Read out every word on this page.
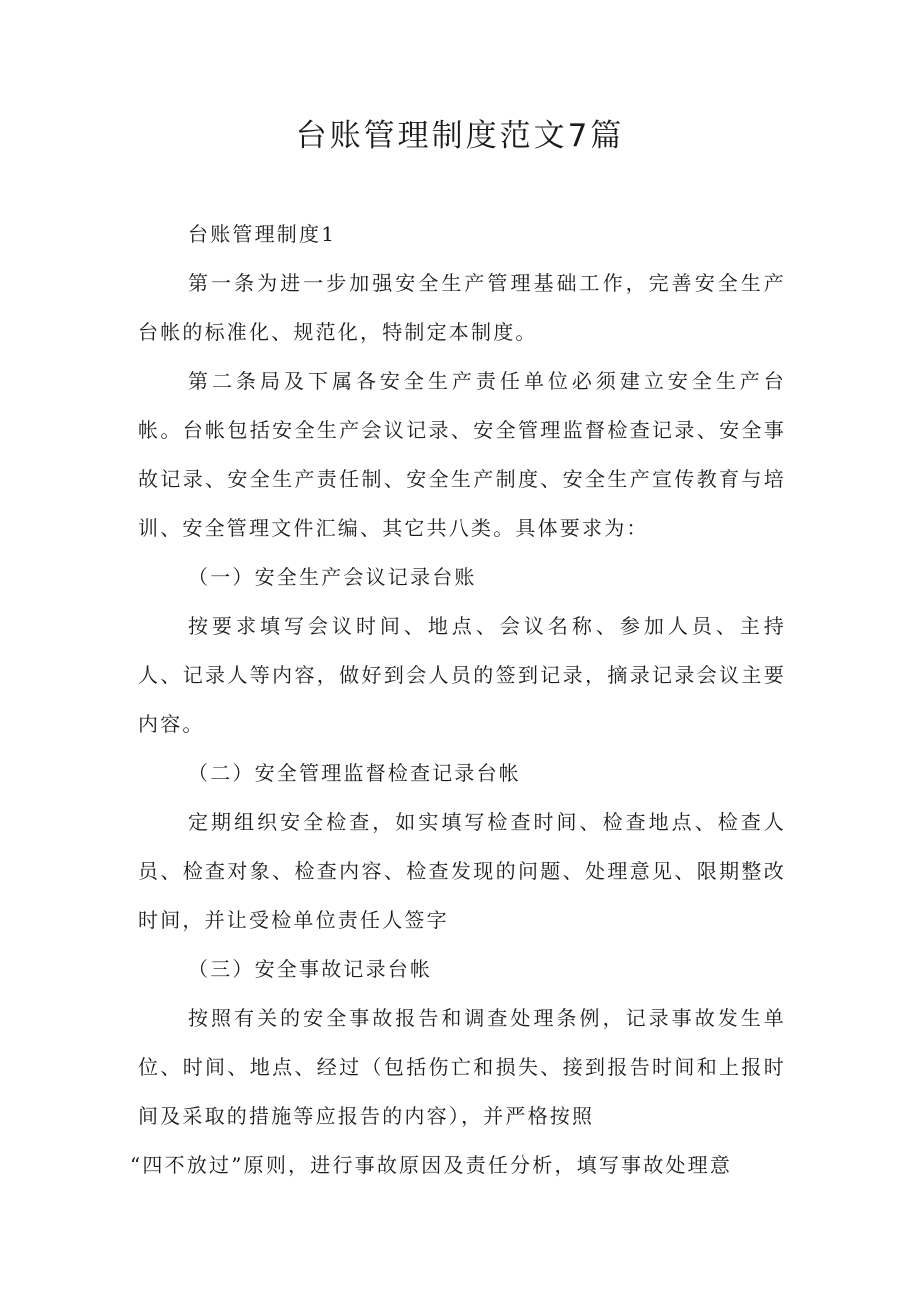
台账管理制度范文7篇

台账管理制度1

第一条为进一步加强安全生产管理基础工作，完善安全生产台帐的标准化、规范化，特制定本制度。

第二条局及下属各安全生产责任单位必须建立安全生产台帐。台帐包括安全生产会议记录、安全管理监督检查记录、安全事故记录、安全生产责任制、安全生产制度、安全生产宣传教育与培训、安全管理文件汇编、其它共八类。具体要求为：

（一）安全生产会议记录台账

按要求填写会议时间、地点、会议名称、参加人员、主持人、记录人等内容，做好到会人员的签到记录，摘录记录会议主要内容。

（二）安全管理监督检查记录台帐

定期组织安全检查，如实填写检查时间、检查地点、检查人员、检查对象、检查内容、检查发现的问题、处理意见、限期整改时间，并让受检单位责任人签字

（三）安全事故记录台帐

按照有关的安全事故报告和调查处理条例，记录事故发生单位、时间、地点、经过（包括伤亡和损失、接到报告时间和上报时间及采取的措施等应报告的内容），并严格按照

“四不放过”原则，进行事故原因及责任分析，填写事故处理意
